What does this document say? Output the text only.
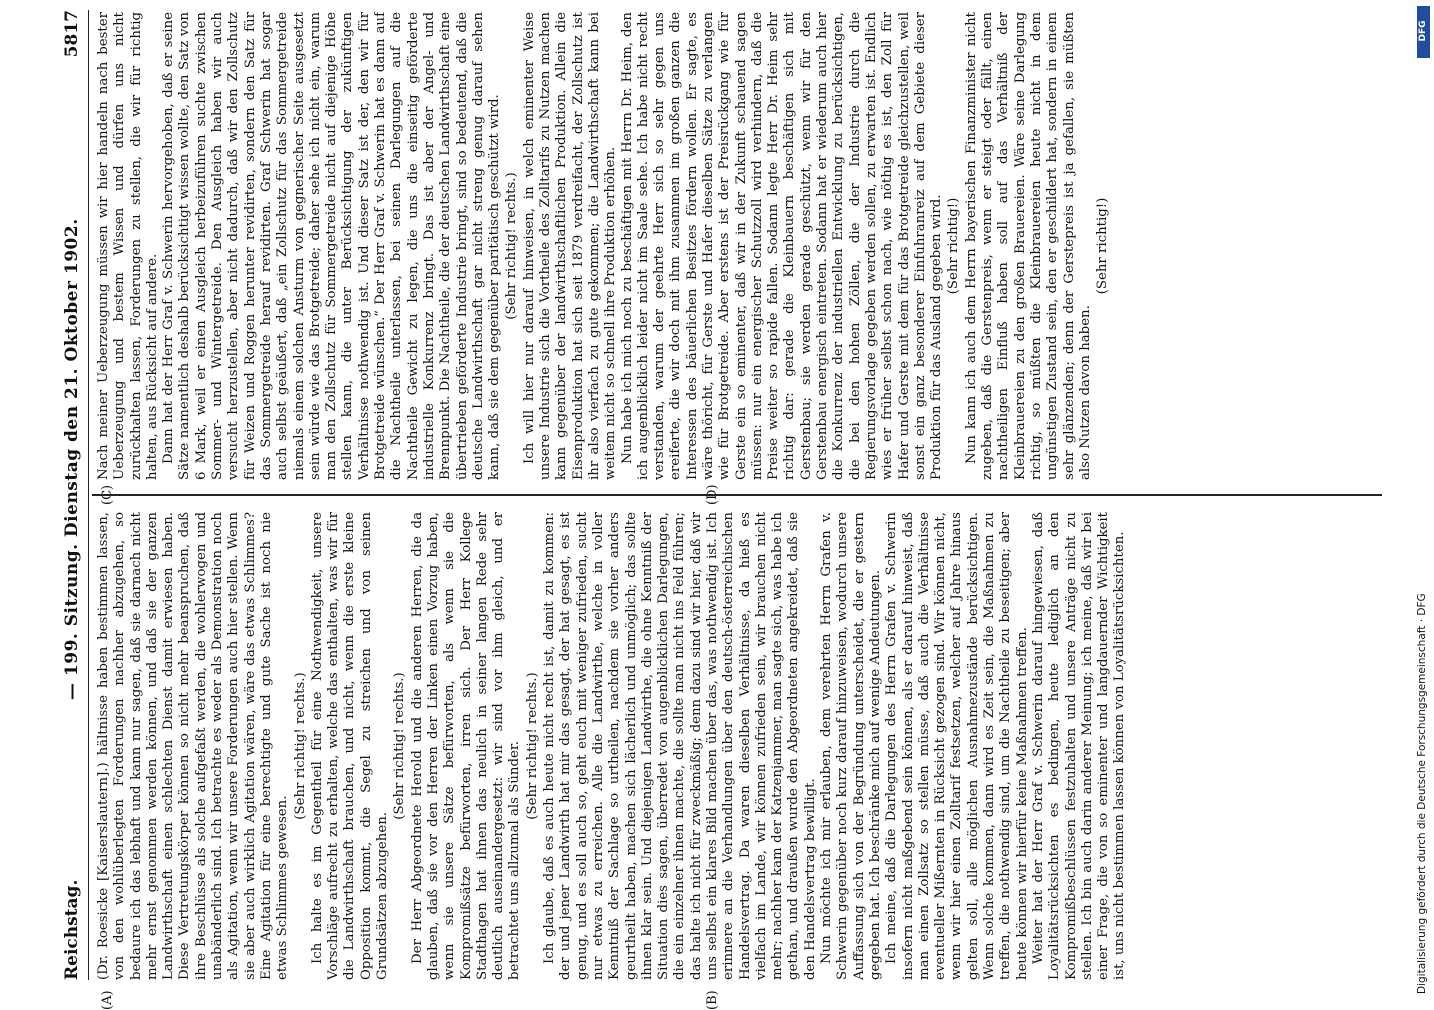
Reichstag.
— 199. Sitzung. Dienstag den 21. Oktober 1902.
5817
(A)	(B)
(C)	(D)

(Dr. Roesicke [Kaiserslautern].) hältnisse haben bestimmen lassen, von den wohlüberlegten Forderungen nachher abzugehen, so bedaure ich das lebhaft und kann nur sagen, daß sie darnach nicht mehr ernst genommen werden können, und daß sie der ganzen Landwirthschaft einen schlechten Dienst damit erwiesen haben. Diese Vertretungskörper können so nicht mehr beanspruchen, daß ihre Beschlüsse als solche aufgefaßt werden, die wohlerwogen und unabänderlich sind. Ich betrachte es weder als Demonstration noch als Agitation, wenn wir unsere Forderungen auch hier stellen. Wenn sie aber auch wirklich Agitation wären, wäre das etwas Schlimmes? Eine Agitation für eine berechtigte und gute Sache ist noch nie etwas Schlimmes gewesen.

(Sehr richtig! rechts.) Ich halte es im Gegentheil für eine Nothwendigkeit, unsere Vorschläge aufrecht zu erhalten, welche das enthalten, was wir für die Landwirthschaft brauchen, und nicht, wenn die erste kleine Opposition kommt, die Segel zu streichen und von seinen Grundsätzen abzugehen.

(Sehr richtig! rechts.) Der Herr Abgeordnete Herold und die anderen Herren, die da glauben, daß sie vor den Herren der Linken einen Vorzug haben, wenn sie unsere Sätze befürworten, als wenn sie die Kompromißsätze befürworten, irren sich. Der Herr Kollege Stadthagen hat ihnen das neulich in seiner langen Rede sehr deutlich auseinandergesetzt: wir sind vor ihm gleich, und er betrachtet uns allzumal als Sünder. (Sehr richtig! rechts.) Ich glaube, daß es auch heute nicht recht ist, damit zu kommen: der und jener Landwirth hat mir das gesagt, der hat gesagt, es ist genug, und es soll auch so, geht euch mit weniger zufrieden, sucht nur etwas zu erreichen. Alle die Landwirthe, welche in voller Kenntniß der Sachlage so urtheilen, nachdem sie vorher anders geurtheilt haben, machen sich lächerlich und unmöglich; das sollte ihnen klar sein. Und diejenigen Landwirthe, die ohne Kenntniß der Situation dies sagen, überredet von augenblicklichen Darlegungen, die ein einzelner ihnen machte, die sollte man nicht ins Feld führen; das halte ich nicht für zweckmäßig; denn dazu sind wir hier, daß wir uns selbst ein klares Bild machen über das, was nothwendig ist. Ich erinnere an die Verhandlungen über den deutsch-österreichischen Handelsvertrag. Da waren dieselben Verhältnisse, da hieß es vielfach im Lande, wir können zufrieden sein, wir brauchen nicht mehr; nachher kam der Katzenjammer, man sagte sich, was habe ich gethan, und draußen wurde den Abgeordneten angekreidet, daß sie den Handelsvertrag bewilligt. Nun möchte ich mir erlauben, dem verehrten Herrn Grafen v. Schwerin gegenüber noch kurz darauf hinzuweisen, wodurch unsere Auffassung sich von der Begründung unterscheidet, die er gestern gegeben hat. Ich beschränke mich auf wenige Andeutungen. Ich meine, daß die Darlegungen des Herrn Grafen v. Schwerin insofern nicht maßgebend sein können, als er darauf hinweist, daß man einen Zollsatz so stellen müsse, daß auch die Verhältnisse eventueller Mißernten in Rücksicht gezogen sind. Wir können nicht, wenn wir hier einen Zolltarif festsetzen, welcher auf Jahre hinaus gelten soll, alle möglichen Ausnahmezustände berücksichtigen. Wenn solche kommen, dann wird es Zeit sein, die Maßnahmen zu treffen, die nothwendig sind, um die Nachtheile zu beseitigen; aber heute können wir hierfür keine Maßnahmen treffen. Weiter hat der Herr Graf v. Schwerin darauf hingewiesen, daß Loyalitätsrücksichten es bedingen, heute lediglich an den Kompromißbeschlüssen festzuhalten und unsere Anträge nicht zu stellen. Ich bin auch darin anderer Meinung; ich meine, daß wir bei einer Frage, die von so eminenter und langdauernder Wichtigkeit ist, uns nicht bestimmen lassen können von Loyalitätsrücksichten.

Nach meiner Ueberzeugung müssen wir hier handeln nach bester Ueberzeugung und bestem Wissen und dürfen uns nicht zurückhalten lassen, Forderungen zu stellen, die wir für richtig halten, aus Rücksicht auf andere. Dann hat der Herr Graf v. Schwerin hervorgehoben, daß er seine Sätze namentlich deshalb berücksichtigt wissen wollte, den Satz von 6 Mark, weil er einen Ausgleich herbeizuführen suchte zwischen Sommer- und Wintergetreide. Den Ausgleich haben wir auch versucht herzustellen, aber nicht dadurch, daß wir den Zollschutz für Weizen und Roggen herunter revidirten, sondern den Satz für das Sommergetreide herauf revidirten. Graf Schwerin hat sogar auch selbst geäußert, daß „ein Zollschutz für das Sommergetreide niemals einem solchen Ansturm von gegnerischer Seite ausgesetzt sein würde wie das Brotgetreide; daher sehe ich nicht ein, warum man den Zollschutz für Sommergetreide nicht auf diejenige Höhe stellen kann, die unter Berücksichtigung der zukünftigen Verhältnisse nothwendig ist. Und dieser Satz ist der, den wir für Brotgetreide wünschen.“ Der Herr Graf v. Schwerin hat es dann auf die Nachtheile unterlassen, bei seinen Darlegungen auf die Nachtheile Gewicht zu legen, die uns die einseitig geförderte industrielle Konkurrenz bringt. Das ist aber der Angel- und Brennpunkt. Die Nachtheile, die der deutschen Landwirthschaft eine übertrieben geförderte Industrie bringt, sind so bedeutend, daß die deutsche Landwirthschaft gar nicht streng genug darauf sehen kann, daß sie dem gegenüber paritätisch geschützt wird. (Sehr richtig! rechts.) Ich will hier nur darauf hinweisen, in welch eminenter Weise unsere Industrie sich die Vortheile des Zolltarifs zu Nutzen machen kann gegenüber der landwirthschaftlichen Produktion. Allein die Eisenproduktion hat sich seit 1879 verdreifacht, der Zollschutz ist ihr also vierfach zu gute gekommen; die Landwirthschaft kann bei weitem nicht so schnell ihre Produktion erhöhen. Nun habe ich mich noch zu beschäftigen mit Herrn Dr. Heim, den ich augenblicklich leider nicht im Saale sehe. Ich habe nicht recht verstanden, warum der geehrte Herr sich so sehr gegen uns ereiferte, die wir doch mit ihm zusammen im großen ganzen die Interessen des bäuerlichen Besitzes fördern wollen. Er sagte, es wäre thöricht, für Gerste und Hafer dieselben Sätze zu verlangen wie für Brotgetreide. Aber erstens ist der Preisrückgang wie für Gerste ein so eminenter, daß wir in der Zukunft schauend sagen müssen: nur ein energischer Schutzzoll wird verhindern, daß die Preise weiter so rapide fallen. Sodann legte Herr Dr. Heim sehr richtig dar: gerade die Kleinbauern beschäftigen sich mit Gerstenbau; sie werden gerade geschützt, wenn wir für den Gerstenbau energisch eintreten. Sodann hat er wiederum auch hier die Konkurrenz der industriellen Entwicklung zu berücksichtigen, die bei den hohen Zöllen, die der Industrie durch die Regierungsvorlage gegeben werden sollen, zu erwarten ist. Endlich wies er früher selbst schon nach, wie nöthig es ist, den Zoll für Hafer und Gerste mit dem für das Brotgetreide gleichzustellen, weil sonst ein ganz besonderer Einfuhranreiz auf dem Gebiete dieser Produktion für das Ausland gegeben wird. (Sehr richtig!) Nun kann ich auch dem Herrn bayerischen Finanzminister nicht zugeben, daß die Gerstenpreis, wenn er steigt oder fällt, einen nachtheiligen Einfluß haben soll auf das Verhältniß der Kleinbrauereien zu den großen Brauereien. Wäre seine Darlegung richtig, so müßten die Kleinbrauereien heute nicht in dem ungünstigen Zustand sein, den er geschildert hat, sondern in einem sehr glänzenden; denn der Gerstepreis ist ja gefallen, sie müßten also Nutzen davon haben.

(Sehr richtig!)

DFG
Digitalisierung gefördert durch die Deutsche Forschungsgemeinschaft · DFG
